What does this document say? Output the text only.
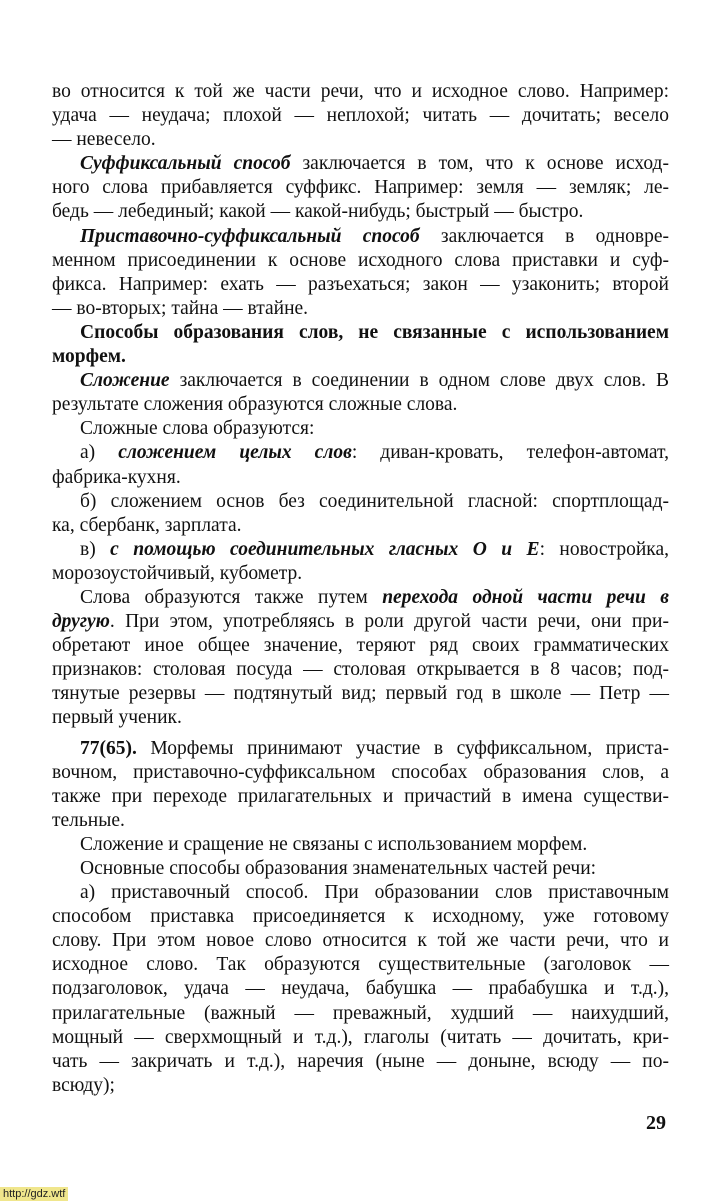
во относится к той же части речи, что и исходное слово. Например:
удача — неудача; плохой — неплохой; читать — дочитать; весело
— невесело.
Суффиксальный способ заключается в том, что к основе исход-
ного слова прибавляется суффикс. Например: земля — земляк; ле-
бедь — лебединый; какой — какой-нибудь; быстрый — быстро.
Приставочно-суффиксальный способ заключается в одновре-
менном присоединении к основе исходного слова приставки и суф-
фикса. Например: ехать — разъехаться; закон — узаконить; второй
— во-вторых; тайна — втайне.
Способы образования слов, не связанные с использованием
морфем.
Сложение заключается в соединении в одном слове двух слов. В
результате сложения образуются сложные слова.
Сложные слова образуются:
а) сложением целых слов: диван-кровать, телефон-автомат,
фабрика-кухня.
б) сложением основ без соединительной гласной: спортплощад-
ка, сбербанк, зарплата.
в) с помощью соединительных гласных О и Е: новостройка,
морозоустойчивый, кубометр.
Слова образуются также путем перехода одной части речи в
другую. При этом, употребляясь в роли другой части речи, они при-
обретают иное общее значение, теряют ряд своих грамматических
признаков: столовая посуда — столовая открывается в 8 часов; под-
тянутые резервы — подтянутый вид; первый год в школе — Петр —
первый ученик.
77(65). Морфемы принимают участие в суффиксальном, приста-
вочном, приставочно-суффиксальном способах образования слов, а
также при переходе прилагательных и причастий в имена существи-
тельные.
Сложение и сращение не связаны с использованием морфем.
Основные способы образования знаменательных частей речи:
а) приставочный способ. При образовании слов приставочным
способом приставка присоединяется к исходному, уже готовому
слову. При этом новое слово относится к той же части речи, что и
исходное слово. Так образуются существительные (заголовок —
подзаголовок, удача — неудача, бабушка — прабабушка и т.д.),
прилагательные (важный — преважный, худший — наихудший,
мощный — сверхмощный и т.д.), глаголы (читать — дочитать, кри-
чать — закричать и т.д.), наречия (ныне — доныне, всюду — по-
всюду);
29
http://gdz.wtf
